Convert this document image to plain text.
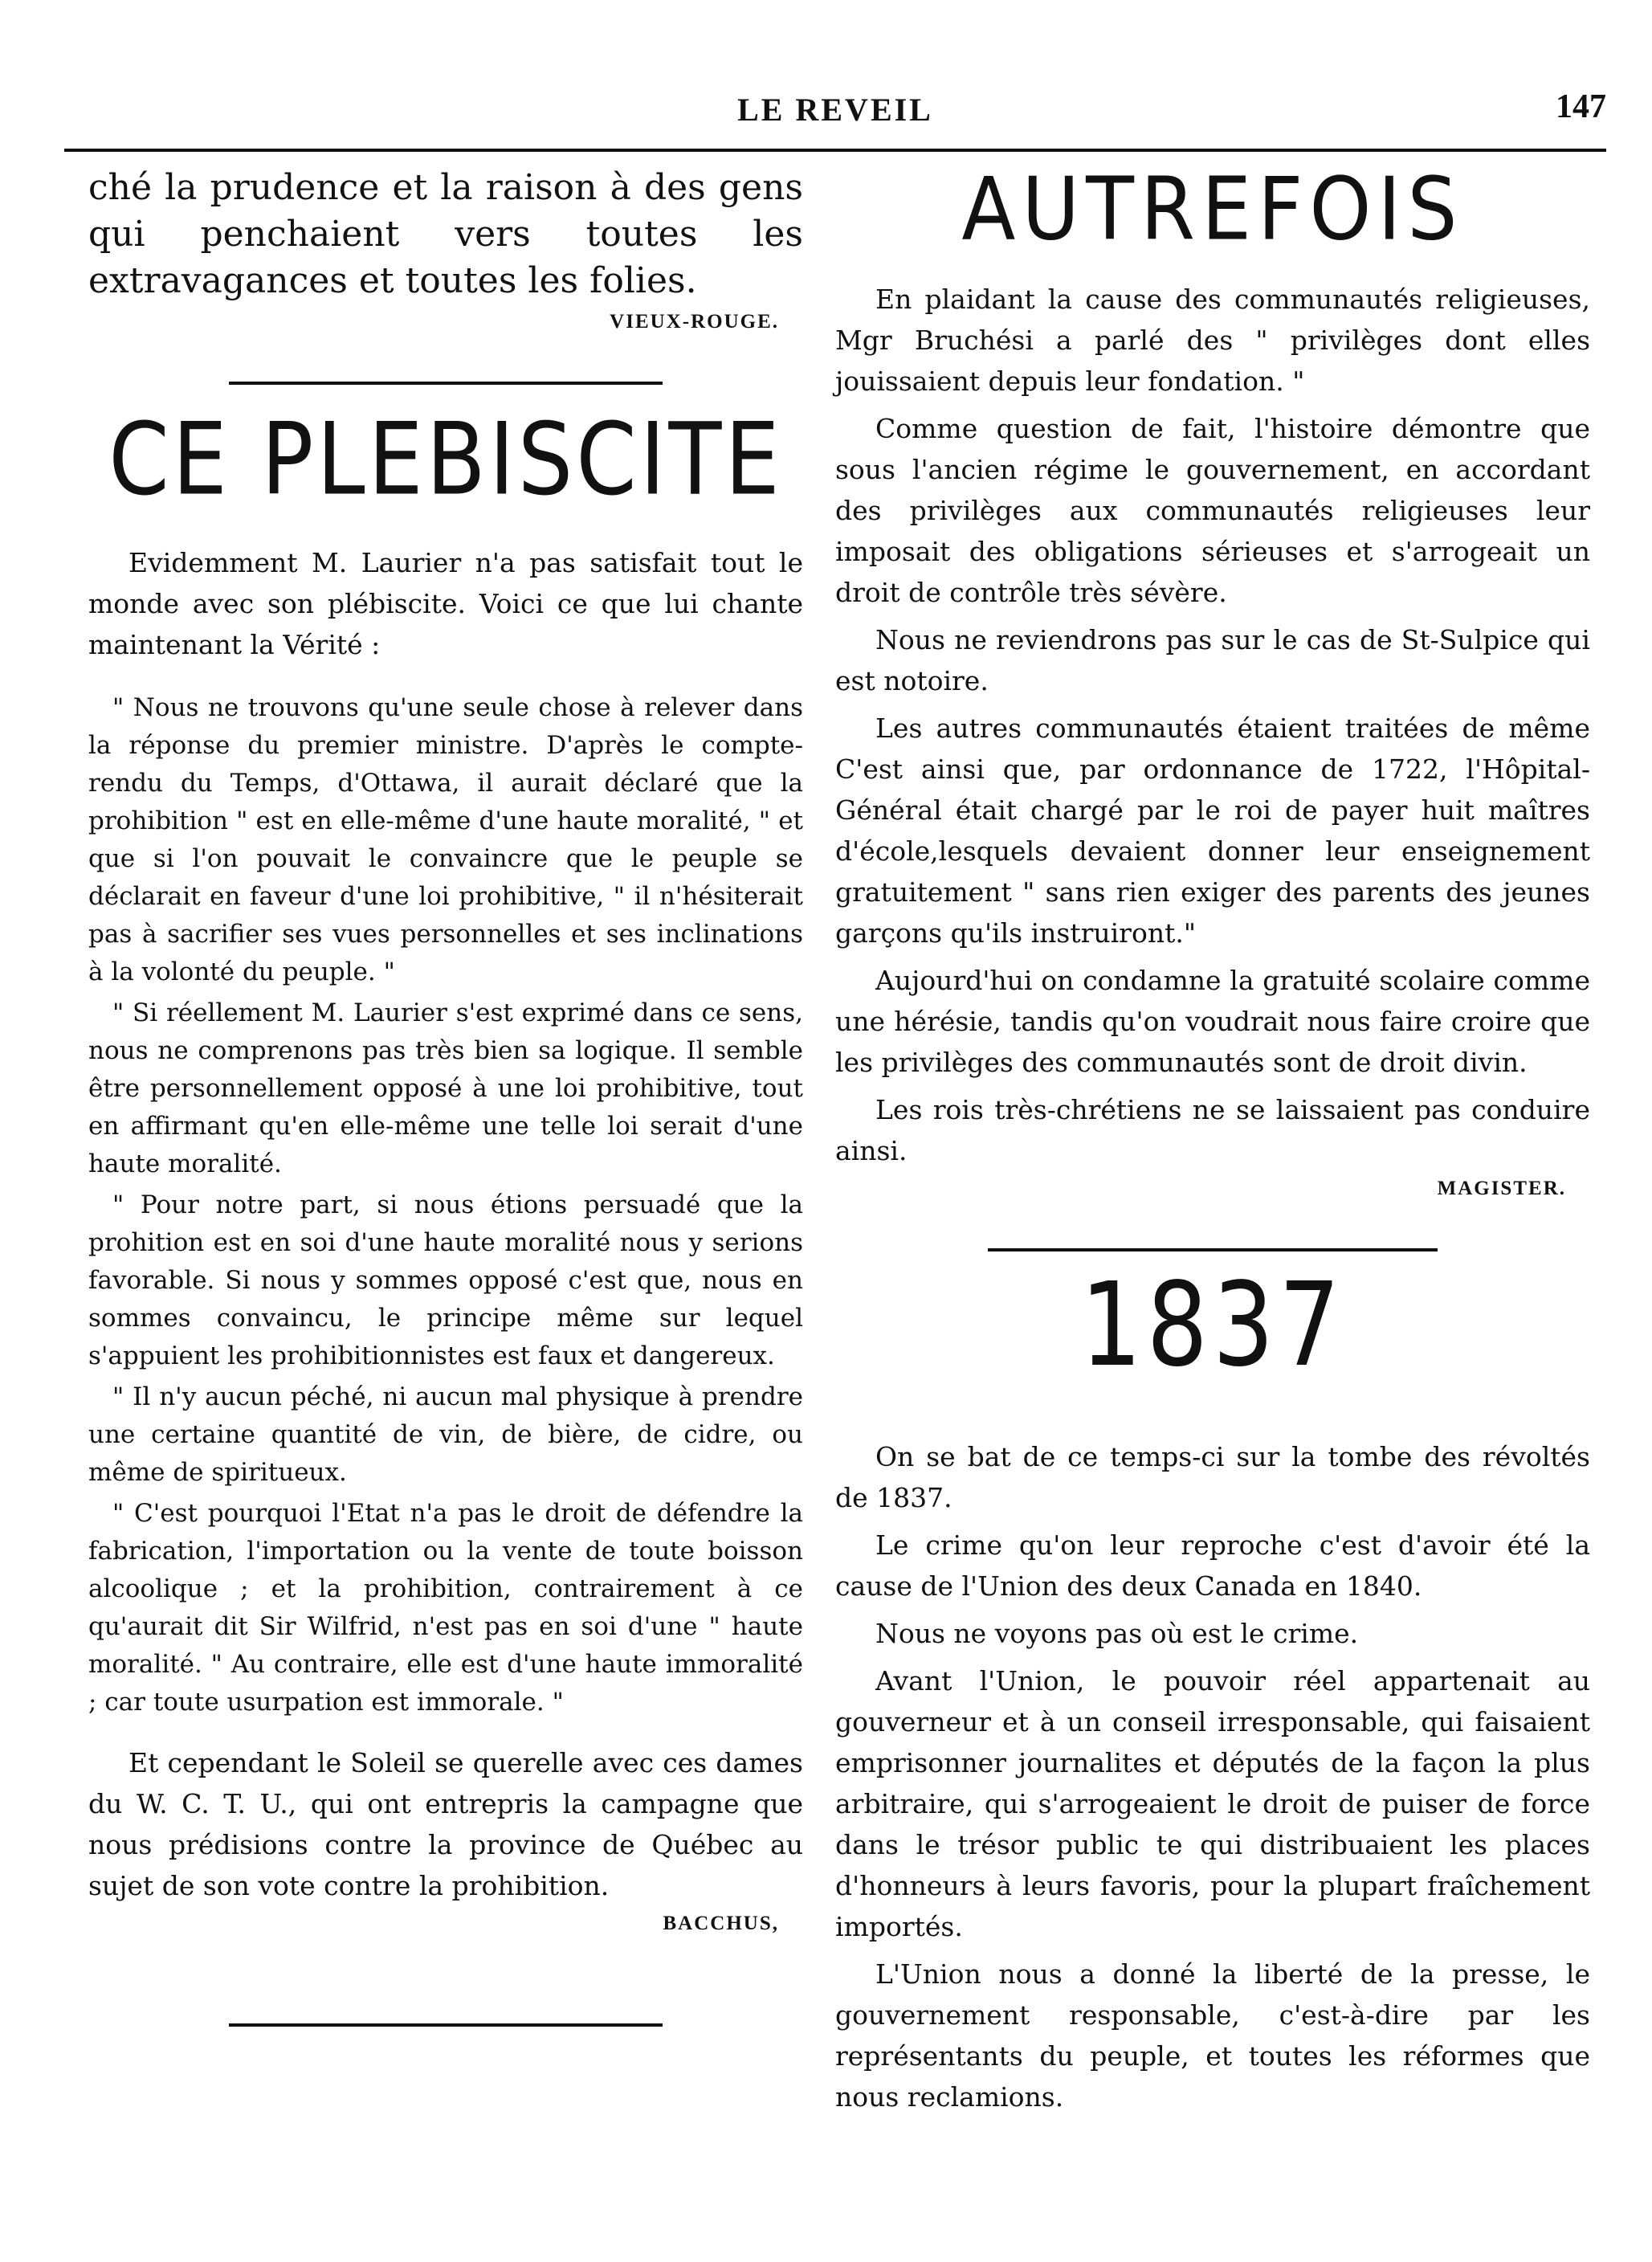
LE REVEIL	147

ché la prudence et la raison à des gens qui penchaient vers toutes les extravagances et toutes les folies.

VIEUX-ROUGE.
CE PLEBISCITE

Evidemment M. Laurier n'a pas satisfait tout le monde avec son plébiscite. Voici ce que lui chante maintenant la Vérité :

" Nous ne trouvons qu'une seule chose à relever dans la réponse du premier ministre. D'après le compte-rendu du Temps, d'Ottawa, il aurait déclaré que la prohibition " est en elle-même d'une haute moralité, " et que si l'on pouvait le convaincre que le peuple se déclarait en faveur d'une loi prohibitive, " il n'hésiterait pas à sacrifier ses vues personnelles et ses inclinations à la volonté du peuple. "

" Si réellement M. Laurier s'est exprimé dans ce sens, nous ne comprenons pas très bien sa logique. Il semble être personnellement opposé à une loi prohibitive, tout en affirmant qu'en elle-même une telle loi serait d'une haute moralité.

" Pour notre part, si nous étions persuadé que la prohition est en soi d'une haute moralité nous y serions favorable. Si nous y sommes opposé c'est que, nous en sommes convaincu, le principe même sur lequel s'appuient les prohibitionnistes est faux et dangereux.

" Il n'y aucun péché, ni aucun mal physique à prendre une certaine quantité de vin, de bière, de cidre, ou même de spiritueux.

" C'est pourquoi l'Etat n'a pas le droit de défendre la fabrication, l'importation ou la vente de toute boisson alcoolique ; et la prohibition, contrairement à ce qu'aurait dit Sir Wilfrid, n'est pas en soi d'une " haute moralité. " Au contraire, elle est d'une haute immoralité ; car toute usurpation est immorale. "

Et cependant le Soleil se querelle avec ces dames du W. C. T. U., qui ont entrepris la campagne que nous prédisions contre la province de Québec au sujet de son vote contre la prohibition.

BACCHUS,
AUTREFOIS

En plaidant la cause des communautés religieuses, Mgr Bruchési a parlé des " privilèges dont elles jouissaient depuis leur fondation. "

Comme question de fait, l'histoire démontre que sous l'ancien régime le gouvernement, en accordant des privilèges aux communautés religieuses leur imposait des obligations sérieuses et s'arrogeait un droit de contrôle très sévère.

Nous ne reviendrons pas sur le cas de St-Sulpice qui est notoire.

Les autres communautés étaient traitées de même C'est ainsi que, par ordonnance de 1722, l'Hôpital-Général était chargé par le roi de payer huit maîtres d'école,lesquels devaient donner leur enseignement gratuitement " sans rien exiger des parents des jeunes garçons qu'ils instruiront."

Aujourd'hui on condamne la gratuité scolaire comme une hérésie, tandis qu'on voudrait nous faire croire que les privilèges des communautés sont de droit divin.

Les rois très-chrétiens ne se laissaient pas conduire ainsi.

MAGISTER.
1837

On se bat de ce temps-ci sur la tombe des révoltés de 1837.

Le crime qu'on leur reproche c'est d'avoir été la cause de l'Union des deux Canada en 1840.

Nous ne voyons pas où est le crime.

Avant l'Union, le pouvoir réel appartenait au gouverneur et à un conseil irresponsable, qui faisaient emprisonner journalites et députés de la façon la plus arbitraire, qui s'arrogeaient le droit de puiser de force dans le trésor public te qui distribuaient les places d'honneurs à leurs favoris, pour la plupart fraîchement importés.

L'Union nous a donné la liberté de la presse, le gouvernement responsable, c'est-à-dire par les représentants du peuple, et toutes les réformes que nous reclamions.
